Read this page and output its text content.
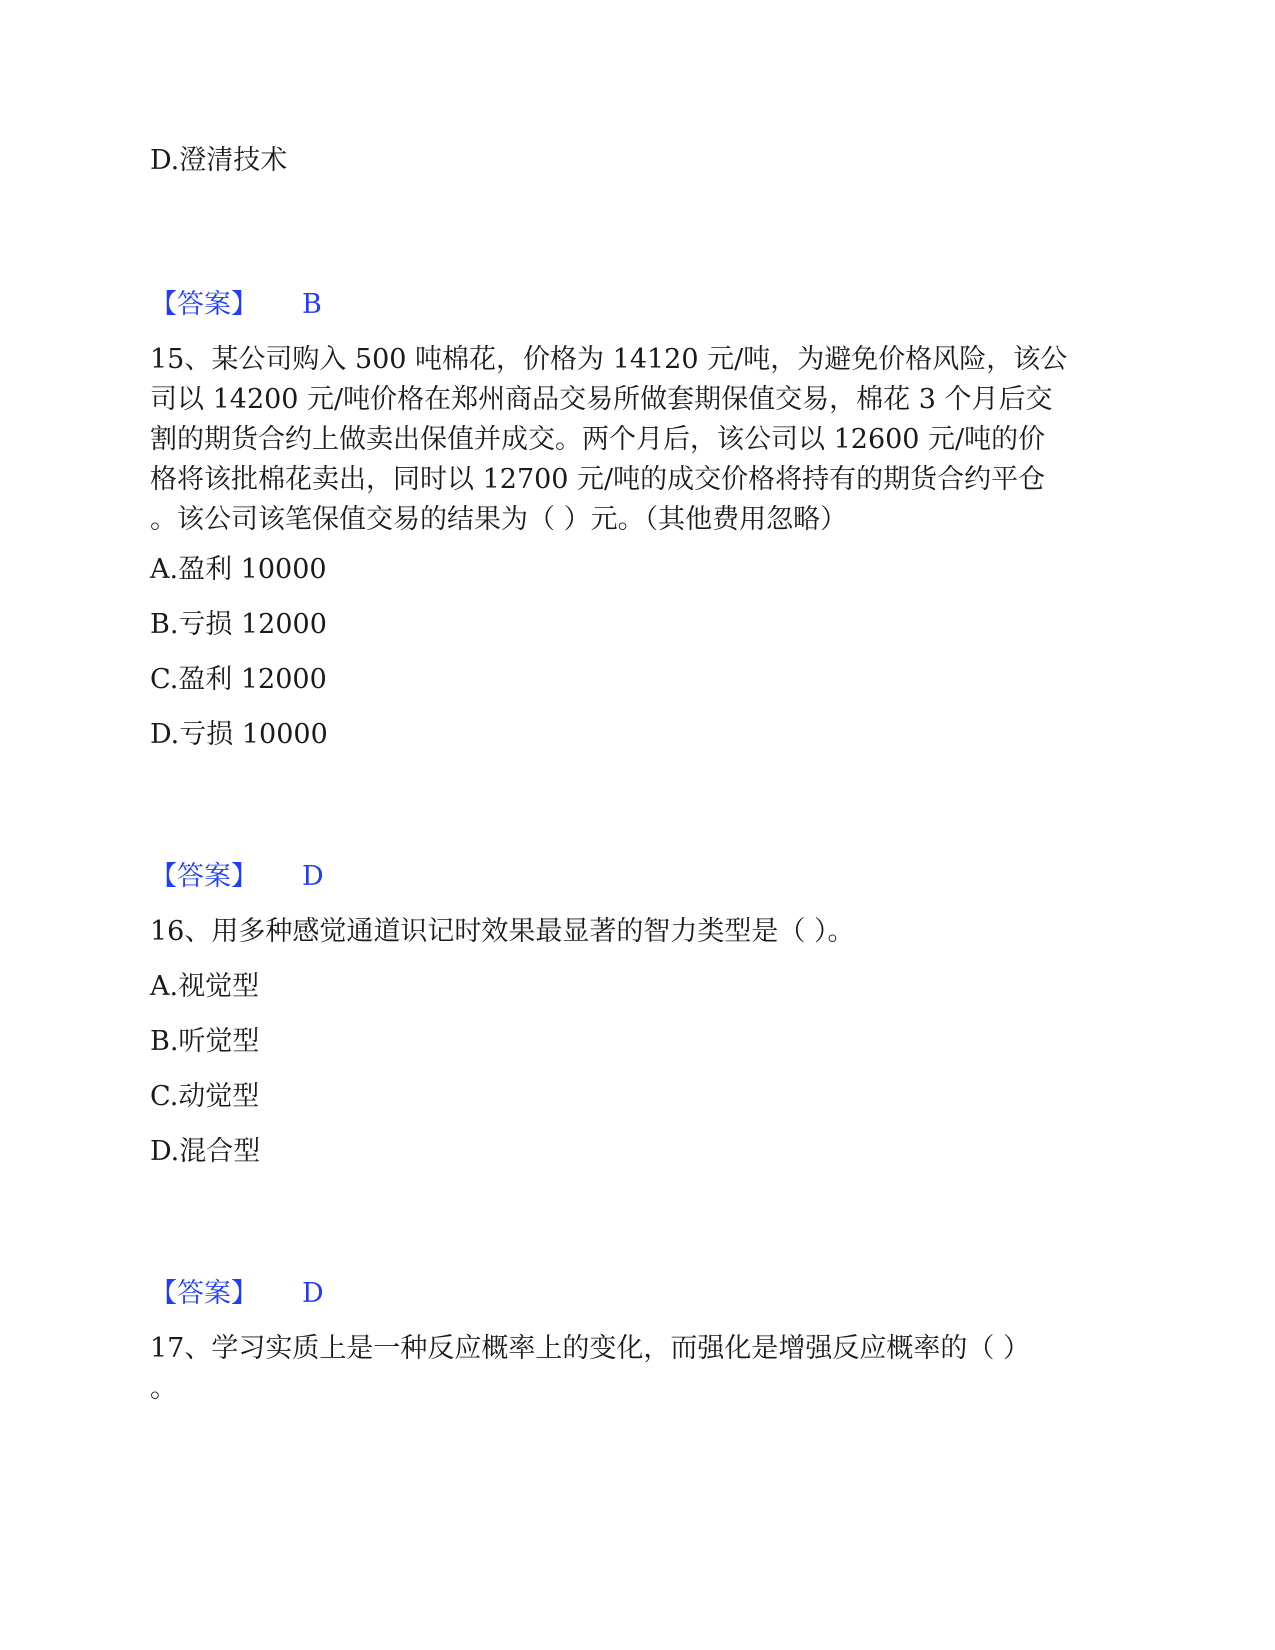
D.澄清技术
【答案】 B
15、某公司购入 500 吨棉花，价格为 14120 元/吨，为避免价格风险，该公
司以 14200 元/吨价格在郑州商品交易所做套期保值交易，棉花 3 个月后交
割的期货合约上做卖出保值并成交。两个月后，该公司以 12600 元/吨的价
格将该批棉花卖出，同时以 12700 元/吨的成交价格将持有的期货合约平仓
。该公司该笔保值交易的结果为（ ）元。（其他费用忽略）
A.盈利 10000
B.亏损 12000
C.盈利 12000
D.亏损 10000
【答案】 D
16、用多种感觉通道识记时效果最显著的智力类型是（ ）。
A.视觉型
B.听觉型
C.动觉型
D.混合型
【答案】 D
17、学习实质上是一种反应概率上的变化，而强化是增强反应概率的（ ）
。
